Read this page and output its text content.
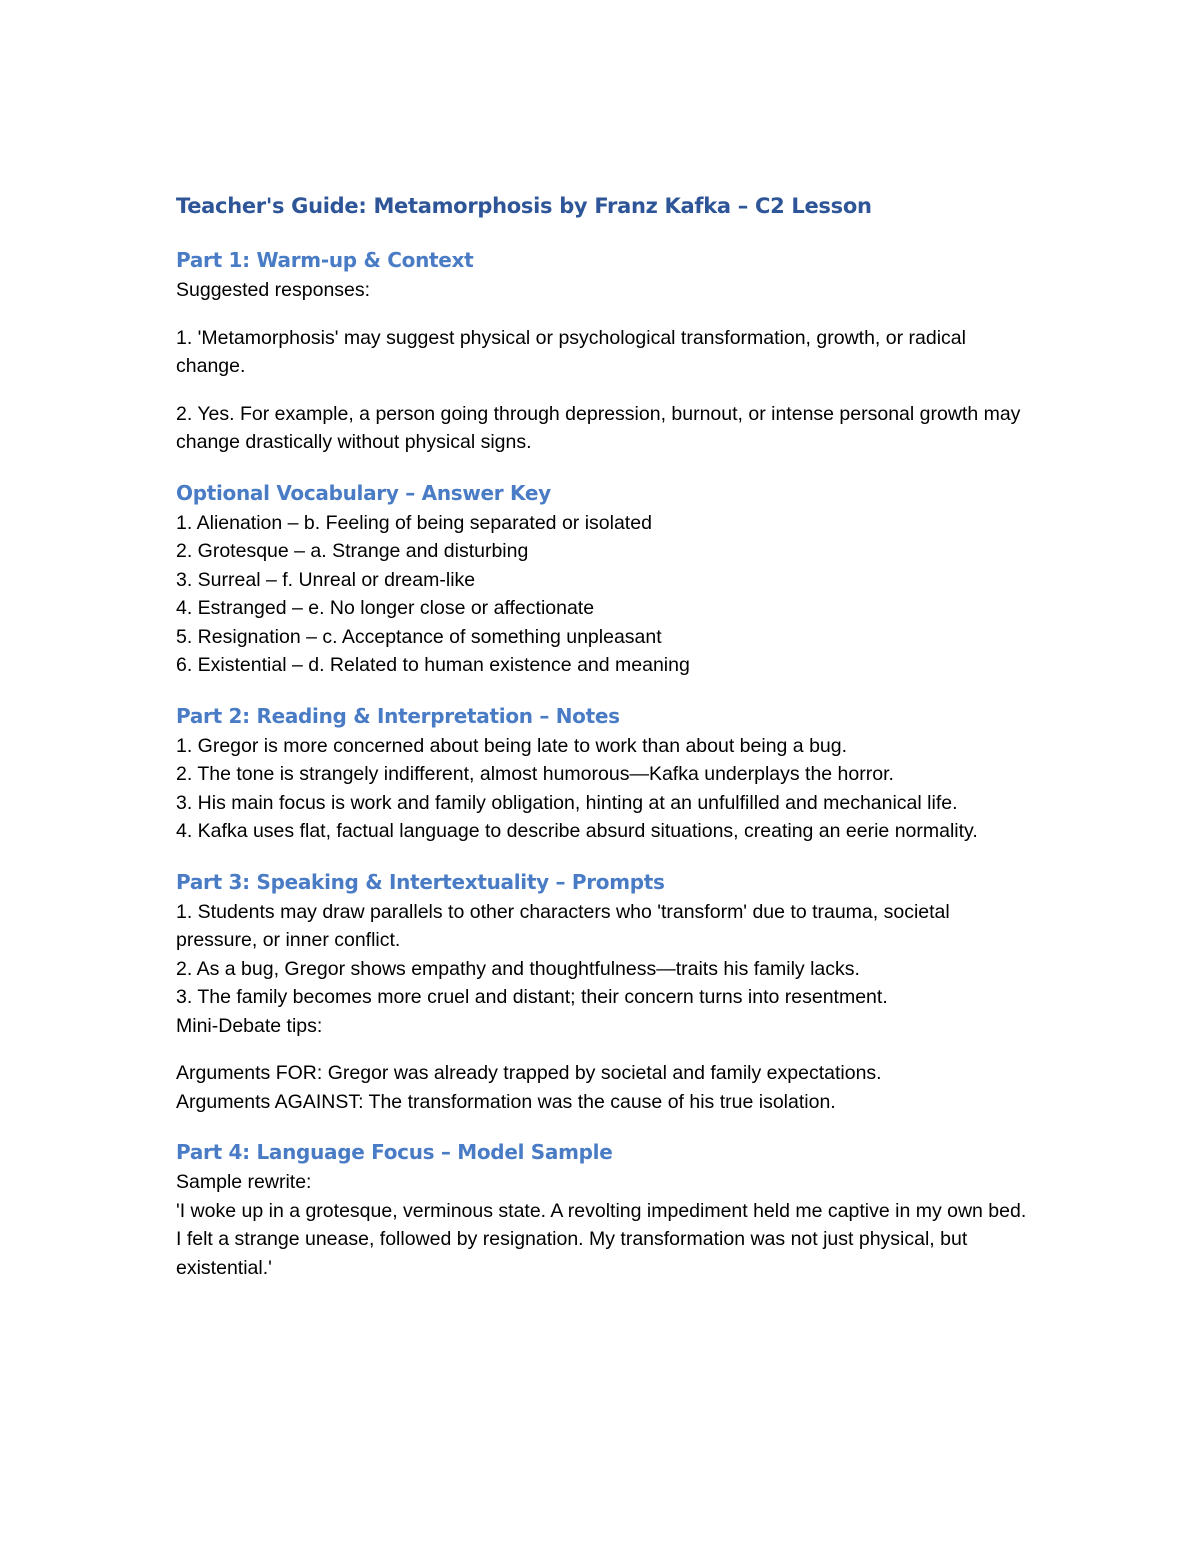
Teacher's Guide: Metamorphosis by Franz Kafka – C2 Lesson
Part 1: Warm-up & Context

Suggested responses:

1. 'Metamorphosis' may suggest physical or psychological transformation, growth, or radical change.
2. Yes. For example, a person going through depression, burnout, or intense personal growth may change drastically without physical signs.
Optional Vocabulary – Answer Key
1. Alienation – b. Feeling of being separated or isolated
2. Grotesque – a. Strange and disturbing
3. Surreal – f. Unreal or dream-like
4. Estranged – e. No longer close or affectionate
5. Resignation – c. Acceptance of something unpleasant
6. Existential – d. Related to human existence and meaning
Part 2: Reading & Interpretation – Notes
1. Gregor is more concerned about being late to work than about being a bug.
2. The tone is strangely indifferent, almost humorous—Kafka underplays the horror.
3. His main focus is work and family obligation, hinting at an unfulfilled and mechanical life.
4. Kafka uses flat, factual language to describe absurd situations, creating an eerie normality.
Part 3: Speaking & Intertextuality – Prompts
1. Students may draw parallels to other characters who 'transform' due to trauma, societal pressure, or inner conflict.
2. As a bug, Gregor shows empathy and thoughtfulness—traits his family lacks.
3. The family becomes more cruel and distant; their concern turns into resentment.

Mini-Debate tips:

Arguments FOR: Gregor was already trapped by societal and family expectations.

Arguments AGAINST: The transformation was the cause of his true isolation.

Part 4: Language Focus – Model Sample

Sample rewrite:

'I woke up in a grotesque, verminous state. A revolting impediment held me captive in my own bed. I felt a strange unease, followed by resignation. My transformation was not just physical, but existential.'
